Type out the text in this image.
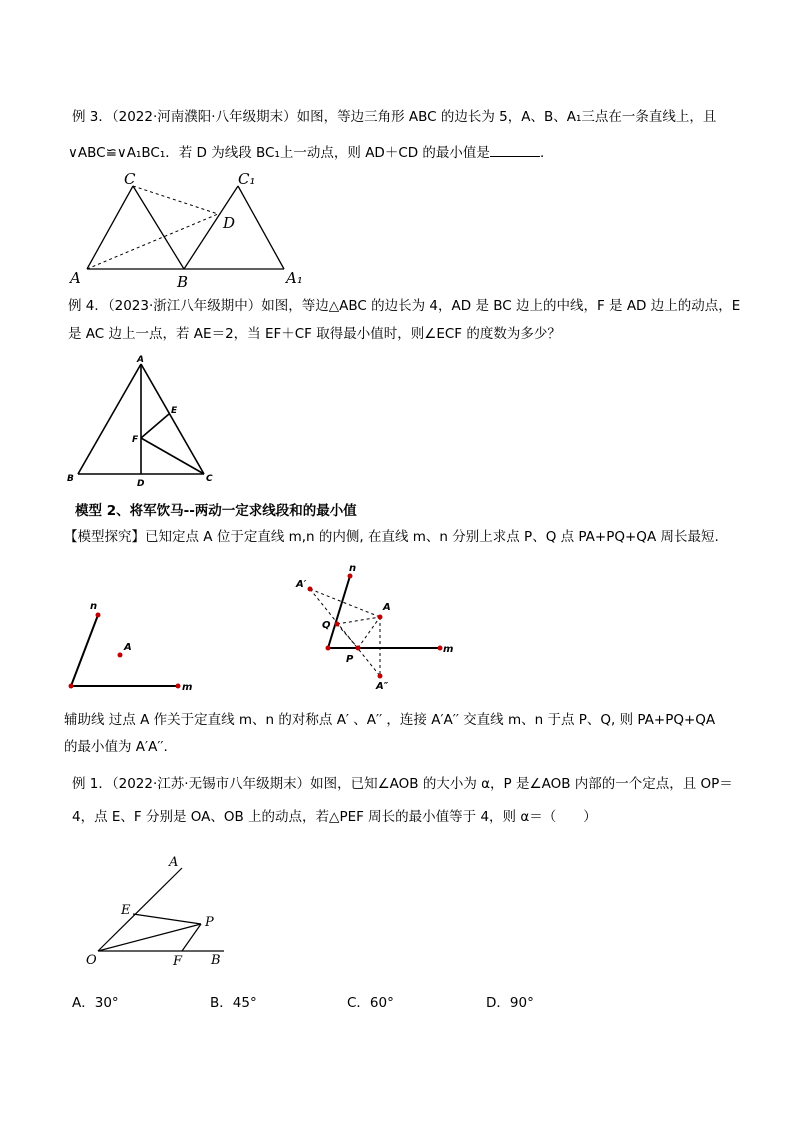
例 3．（2022·河南濮阳·八年级期末）如图，等边三角形 ABC 的边长为 5，A、B、A₁三点在一条直线上，且
∨ABC≌∨A₁BC₁．若 D 为线段 BC₁上一动点，则 AD＋CD 的最小值是	．
C	C₁
D
A	B	A₁
例 4．（2023·浙江八年级期中）如图，等边△ABC 的边长为 4，AD 是 BC 边上的中线，F 是 AD 边上的动点，E
是 AC 边上一点，若 AE＝2，当 EF＋CF 取得最小值时，则∠ECF 的度数为多少？
A
E
F
B	D	C
模型 2、将军饮马--两动一定求线段和的最小值
【模型探究】已知定点 A 位于定直线 m,n 的内侧, 在直线 m、n 分别上求点 P、Q 点 PA+PQ+QA 周长最短.
n
A
m
A′
n
A
Q
P
m
A″
辅助线 过点 A 作关于定直线 m、n 的对称点 A′ 、A′′ ，连接 A′A′′ 交直线 m、n 于点 P、Q, 则 PA+PQ+QA
的最小值为 A′A′′.
例 1．（2022·江苏·无锡市八年级期末）如图，已知∠AOB 的大小为 α，P 是∠AOB 内部的一个定点，且 OP＝
4，点 E、F 分别是 OA、OB 上的动点，若△PEF 周长的最小值等于 4，则 α＝（　　）
A
E
P
O	F B
A．30°	B．45°	C．60°	D．90°
